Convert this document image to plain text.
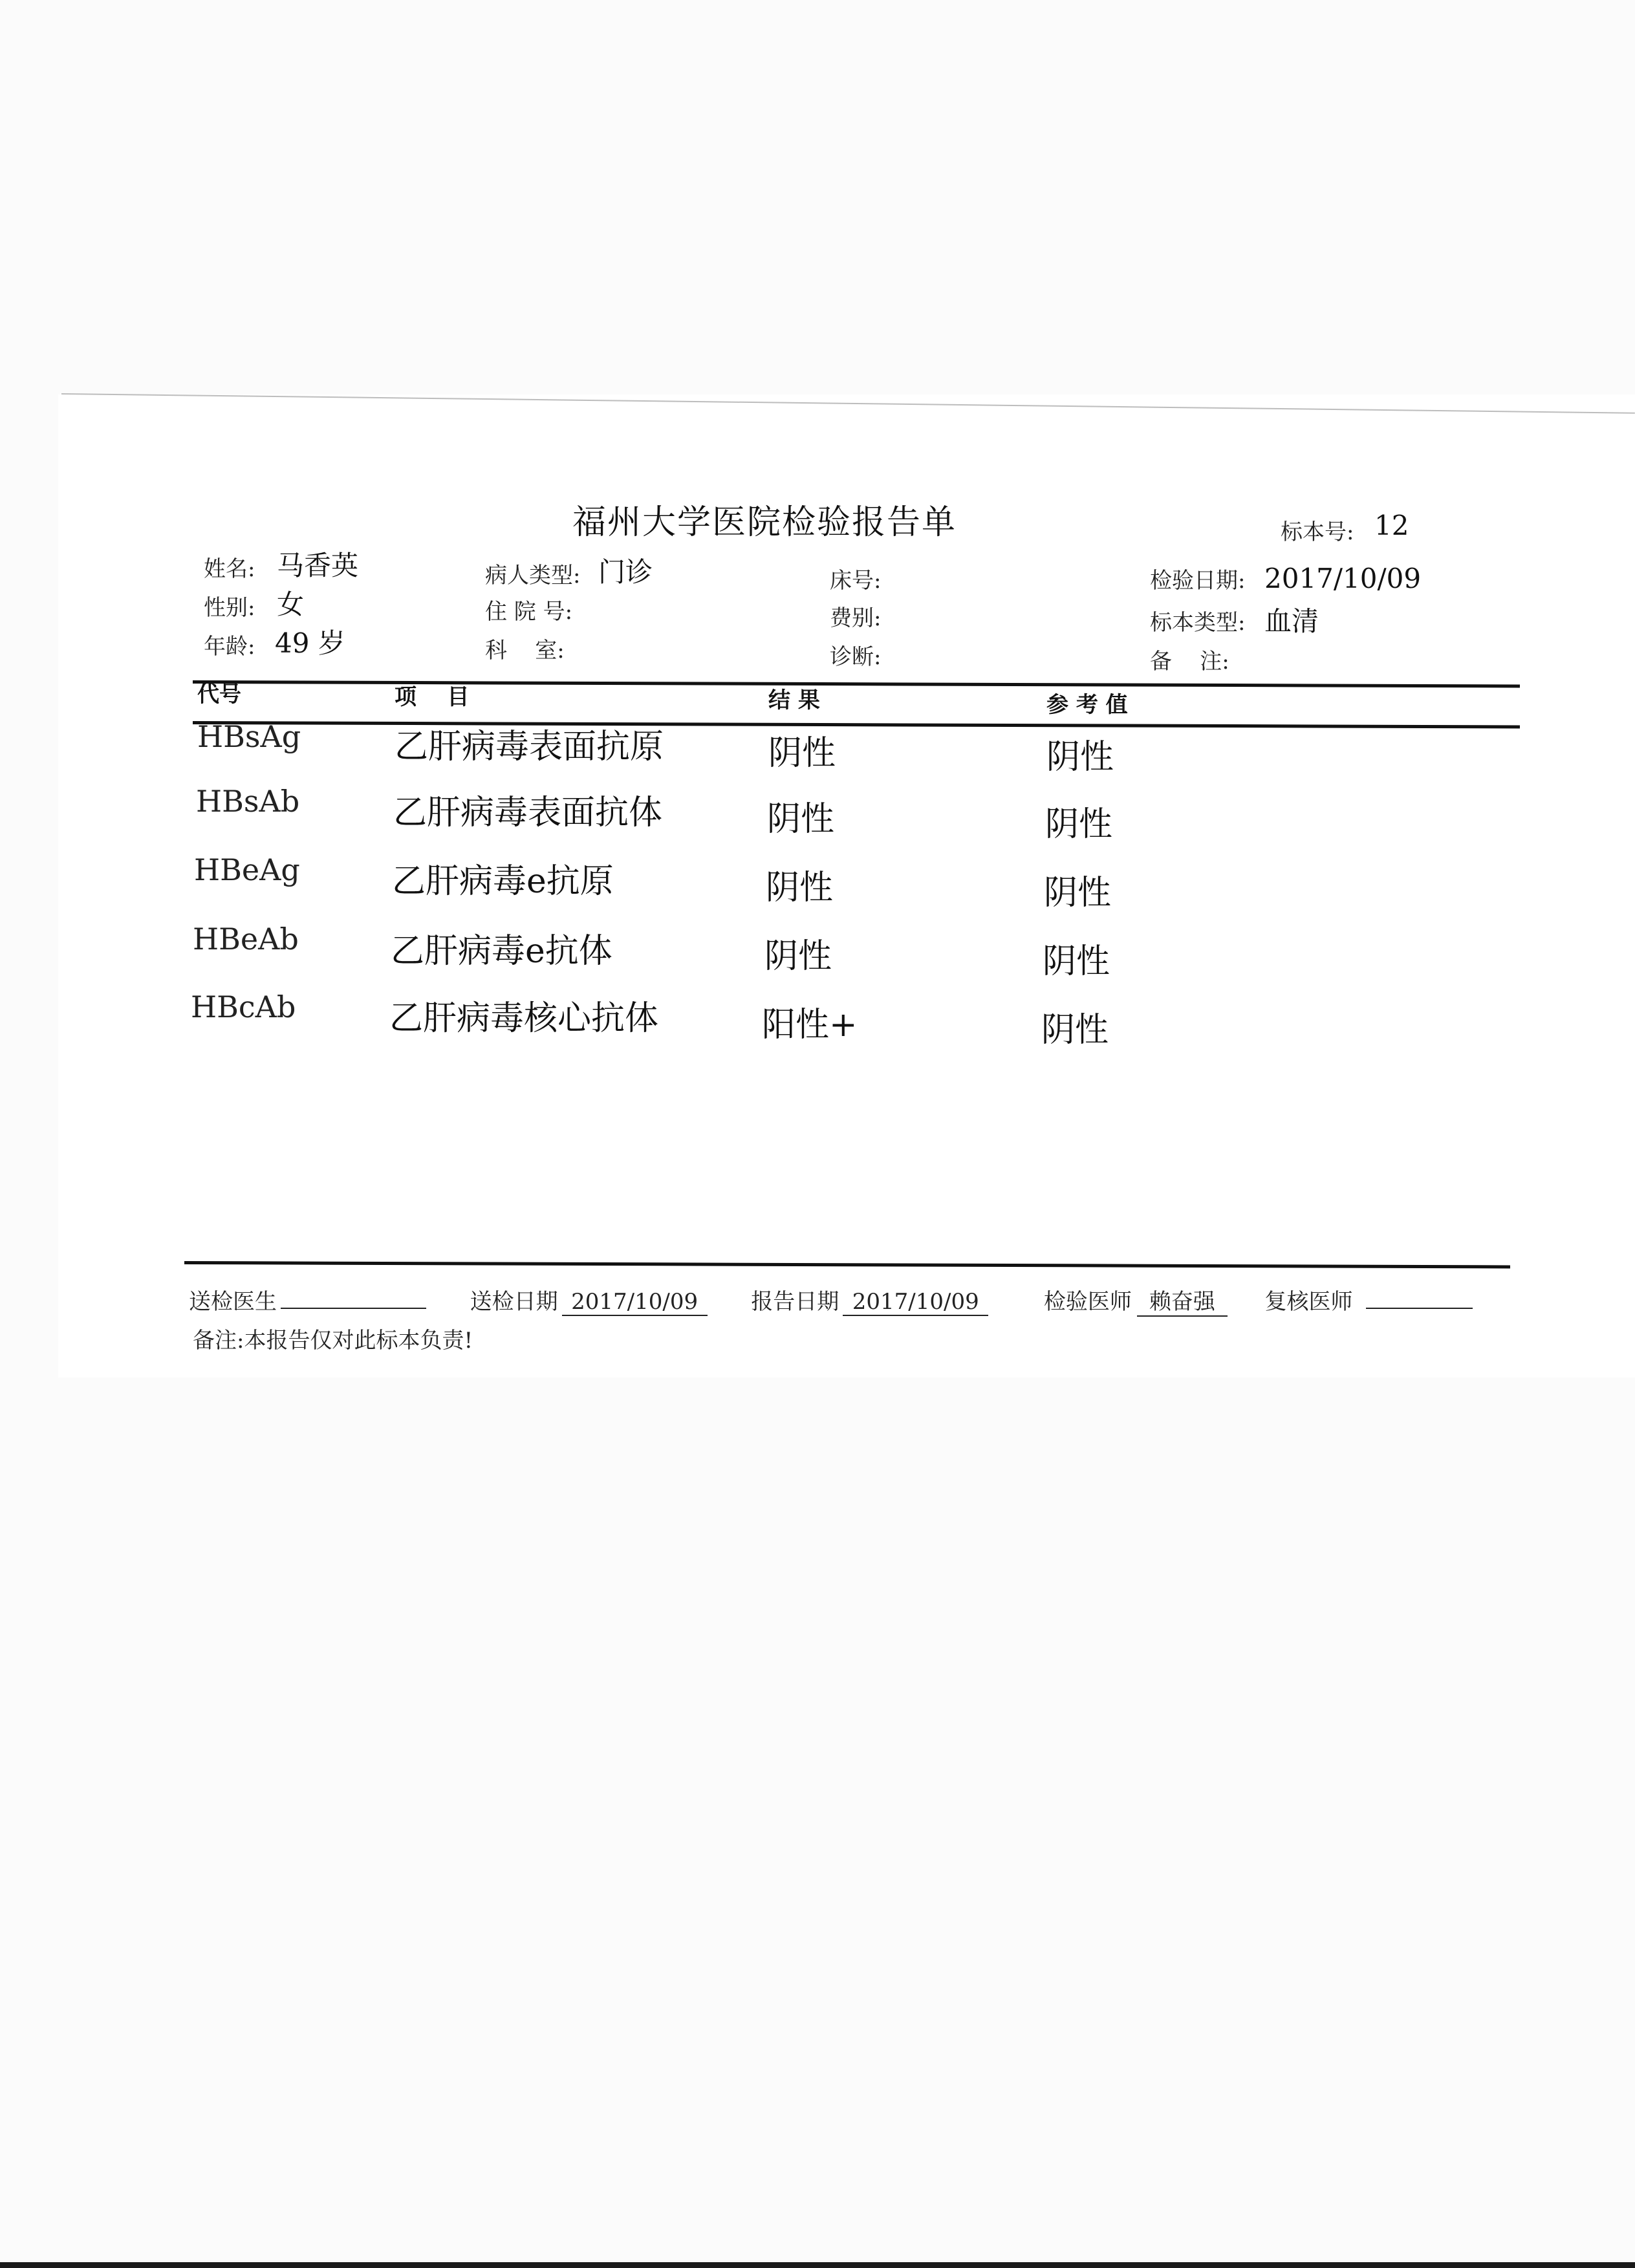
福州大学医院检验报告单	标本号: 12
姓名: 马香英
性别: 女
年龄: 49 岁
病人类型: 门诊
住 院 号:
科    室:
床号:
费别:
诊断:
检验日期: 2017/10/09
标本类型: 血清
备    注:
代号	项    目	结 果	参 考 值
HBsAg	乙肝病毒表面抗原	阴性	阴性
HBsAb	乙肝病毒表面抗体	阴性	阴性
HBeAg	乙肝病毒e抗原	阴性	阴性
HBeAb	乙肝病毒e抗体	阴性	阴性
HBcAb	乙肝病毒核心抗体	阳性+	阴性
送检医生	送检日期 2017/10/09 报告日期 2017/10/09	检验医师 赖奋强 复核医师
备注:本报告仅对此标本负责!
